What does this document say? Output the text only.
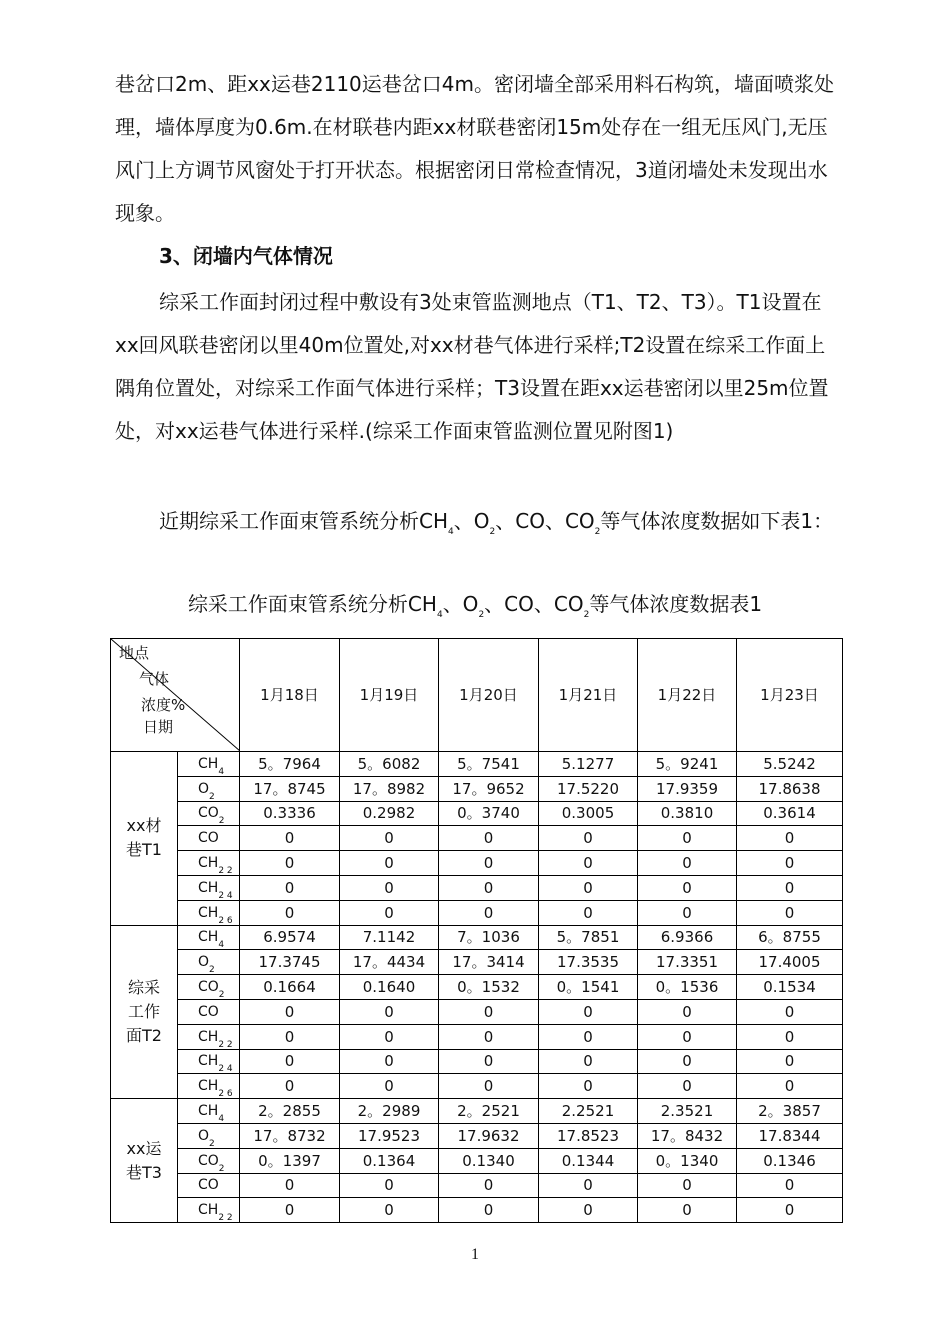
巷岔口2m、距xx运巷2110运巷岔口4m。密闭墙全部采用料石构筑，墙面喷浆处理，墙体厚度为0.6m.在材联巷内距xx材联巷密闭15m处存在一组无压风门,无压风门上方调节风窗处于打开状态。根据密闭日常检查情况，3道闭墙处未发现出水现象。

3、闭墙内气体情况

综采工作面封闭过程中敷设有3处束管监测地点（T1、T2、T3）。T1设置在xx回风联巷密闭以里40m位置处,对xx材巷气体进行采样;T2设置在综采工作面上隅角位置处，对综采工作面气体进行采样；T3设置在距xx运巷密闭以里25m位置处，对xx运巷气体进行采样.(综采工作面束管监测位置见附图1)

近期综采工作面束管系统分析$CH_4$、$O_2$、CO、$CO_2$等气体浓度数据如下表1：

综采工作面束管系统分析$CH_4$、$O_2$、CO、$CO_2$等气体浓度数据表1

地点
气体
浓度%
日期		1月18日	1月19日	1月20日	1月21日	1月22日	1月23日

xx材
巷T1	$CH_4$	5。7964	5。6082	5。7541	5.1277	5。9241	5.5242
	$O_2$	17。8745	17。8982	17。9652	17.5220	17.9359	17.8638
	$CO_2$	0.3336	0.2982	0。3740	0.3005	0.3810	0.3614
	CO	0	0	0	0	0	0
	$CH_{2 2}$	0	0	0	0	0	0
	$CH_{2 4}$	0	0	0	0	0	0
	$CH_{2 6}$	0	0	0	0	0	0

综采
工作
面T2	$CH_4$	6.9574	7.1142	7。1036	5。7851	6.9366	6。8755
	$O_2$	17.3745	17。4434	17。3414	17.3535	17.3351	17.4005
	$CO_2$	0.1664	0.1640	0。1532	0。1541	0。1536	0.1534
	CO	0	0	0	0	0	0
	$CH_{2 2}$	0	0	0	0	0	0
	$CH_{2 4}$	0	0	0	0	0	0
	$CH_{2 6}$	0	0	0	0	0	0

xx运
巷T3	$CH_4$	2。2855	2。2989	2。2521	2.2521	2.3521	2。3857
	$O_2$	17。8732	17.9523	17.9632	17.8523	17。8432	17.8344
	$CO_2$	0。1397	0.1364	0.1340	0.1344	0。1340	0.1346
	CO	0	0	0	0	0	0
	$CH_{2 2}$	0	0	0	0	0	0
1
